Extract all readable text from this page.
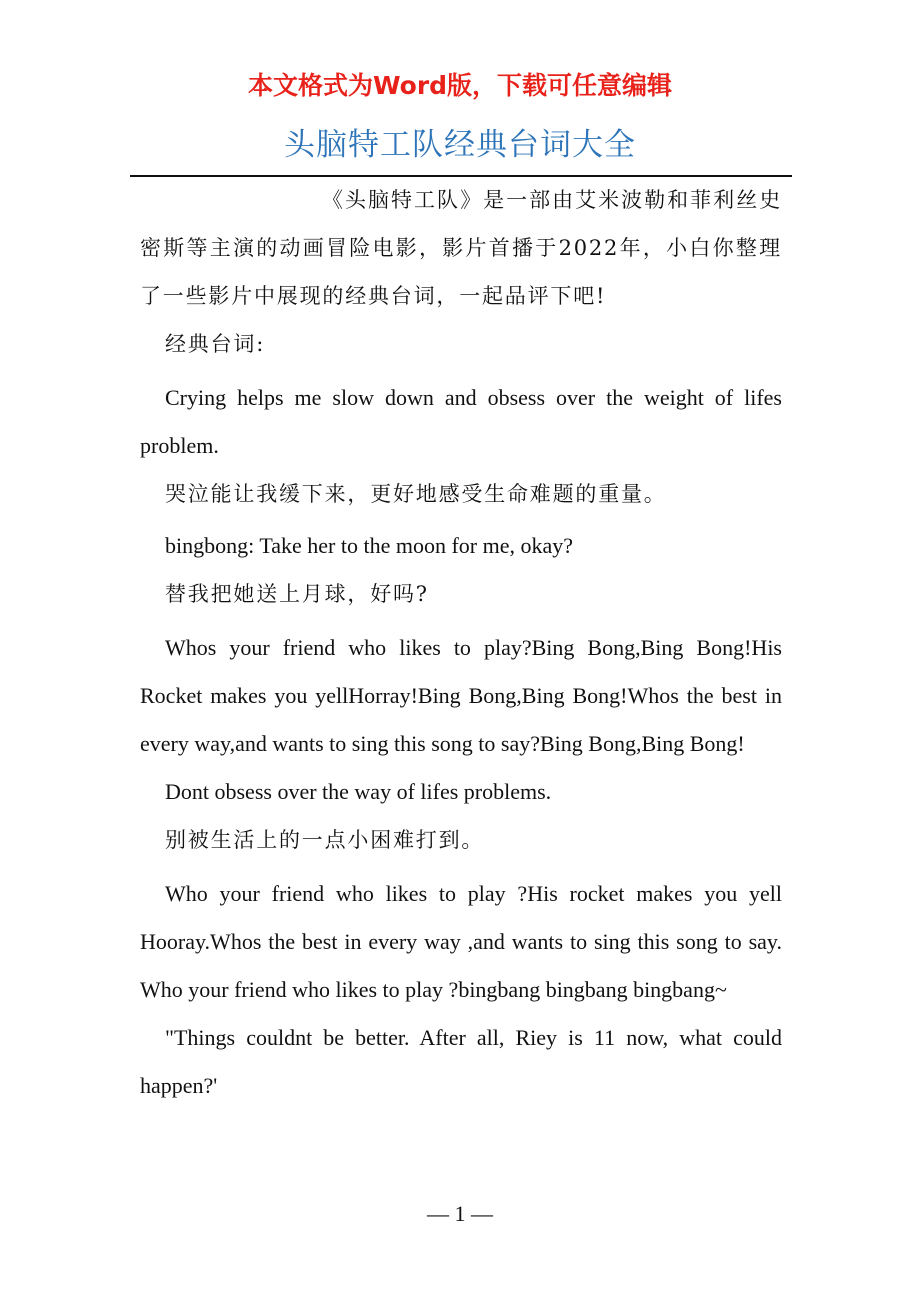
本文格式为Word版，下载可任意编辑
头脑特工队经典台词大全

《头脑特工队》是一部由艾米波勒和菲利丝史密斯等主演的动画冒险电影，影片首播于2022年，小白你整理了一些影片中展现的经典台词，一起品评下吧!

经典台词:

Crying helps me slow down and obsess over the weight of lifes problem.

哭泣能让我缓下来，更好地感受生命难题的重量。

bingbong: Take her to the moon for me, okay?

替我把她送上月球，好吗?

Whos your friend who likes to play?Bing Bong,Bing Bong!His Rocket makes you yellHorray!Bing Bong,Bing Bong!Whos the best in every way,and wants to sing this song to say?Bing Bong,Bing Bong!

Dont obsess over the way of lifes problems.

别被生活上的一点小困难打到。

Who your friend who likes to play ?His rocket makes you yell Hooray.Whos the best in every way ,and wants to sing this song to say. Who your friend who likes to play ?bingbang bingbang bingbang~

"Things couldnt be better. After all, Riey is 11 now, what could happen?'

— 1 —
